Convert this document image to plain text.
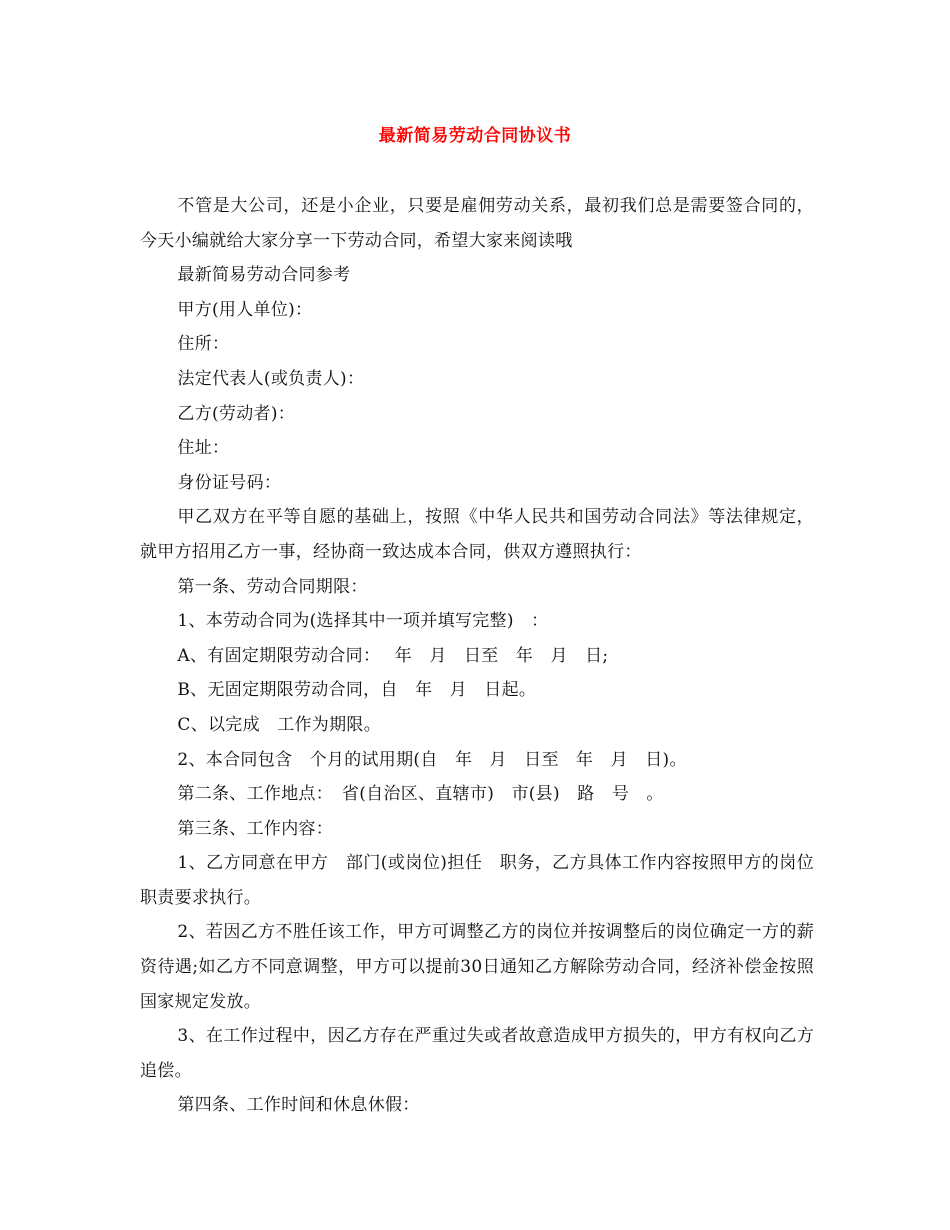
最新简易劳动合同协议书

不管是大公司，还是小企业，只要是雇佣劳动关系，最初我们总是需要签合同的，今天小编就给大家分享一下劳动合同，希望大家来阅读哦

最新简易劳动合同参考

甲方(用人单位)：

住所：

法定代表人(或负责人)：

乙方(劳动者)：

住址：

身份证号码：

甲乙双方在平等自愿的基础上，按照《中华人民共和国劳动合同法》等法律规定，就甲方招用乙方一事，经协商一致达成本合同，供双方遵照执行：

第一条、劳动合同期限：

1、本劳动合同为(选择其中一项并填写完整)　：

A、有固定期限劳动合同：　 年　月　日至　年　月　日;

B、无固定期限劳动合同，自　年　月　日起。

C、以完成　工作为期限。

2、本合同包含　个月的试用期(自　年　月　日至　年　月　日)。

第二条、工作地点：　省(自治区、直辖市)　市(县)　路　号　。

第三条、工作内容：

1、乙方同意在甲方　部门(或岗位)担任　职务，乙方具体工作内容按照甲方的岗位职责要求执行。

2、若因乙方不胜任该工作，甲方可调整乙方的岗位并按调整后的岗位确定一方的薪资待遇;如乙方不同意调整，甲方可以提前30日通知乙方解除劳动合同，经济补偿金按照国家规定发放。

3、在工作过程中，因乙方存在严重过失或者故意造成甲方损失的，甲方有权向乙方追偿。

第四条、工作时间和休息休假：
